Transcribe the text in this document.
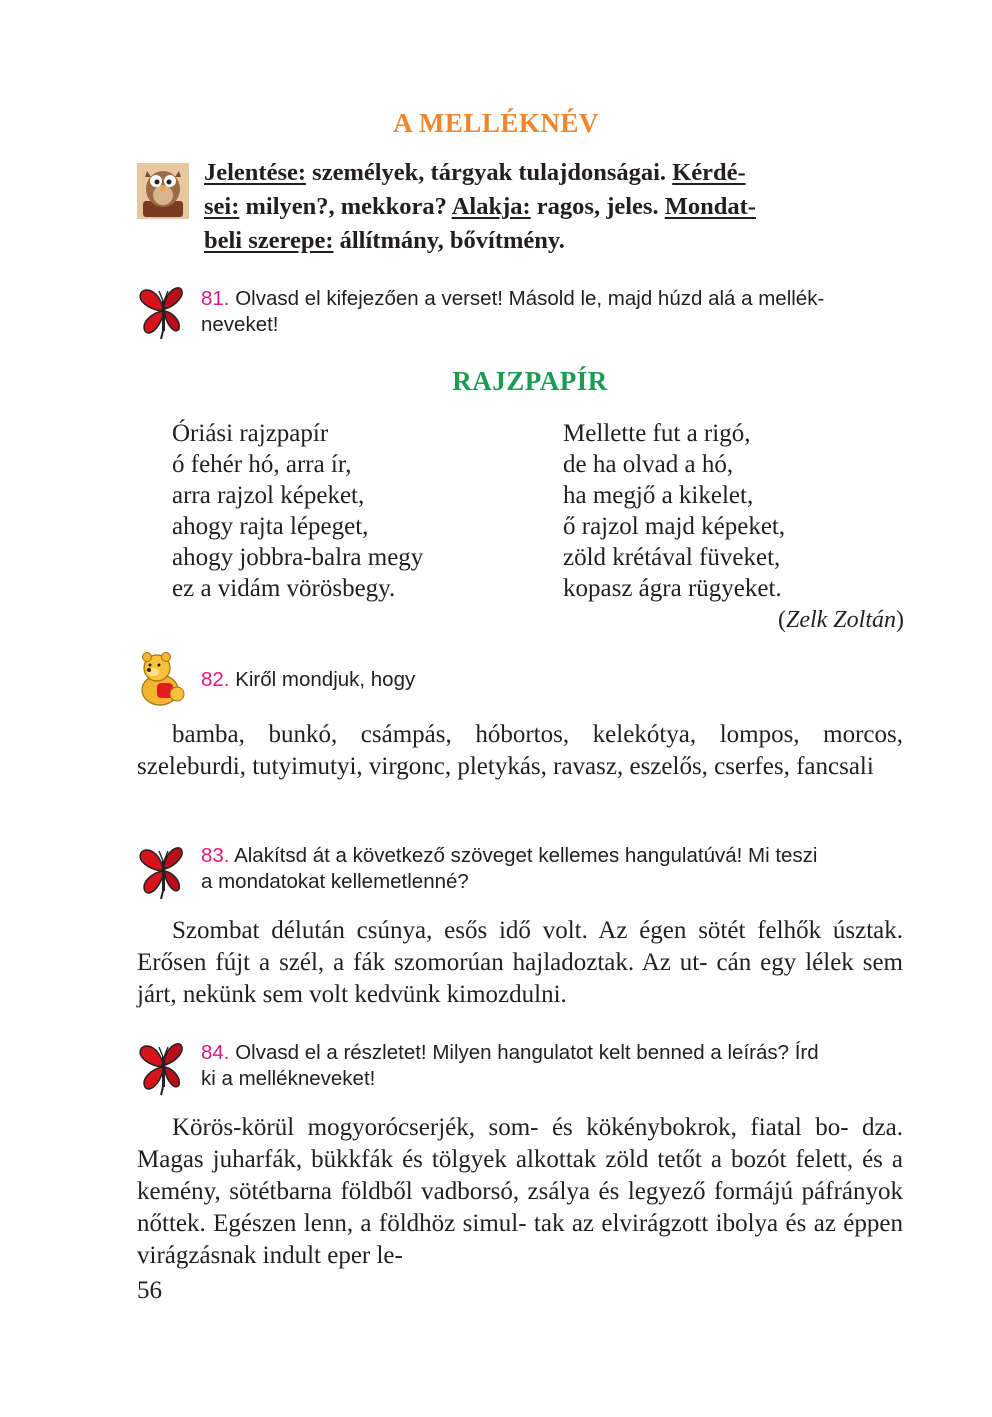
A MELLÉKNÉV
Jelentése: személyek, tárgyak tulajdonságai. Kérdé-
sei: milyen?, mekkora? Alakja: ragos, jeles. Mondat-
beli szerepe: állítmány, bővítmény.
81. Olvasd el kifejezően a verset! Másold le, majd húzd alá a mellék-
neveket!
RAJZPAPÍR
Óriási rajzpapír
ó fehér hó, arra ír,
arra rajzol képeket,
ahogy rajta lépeget,
ahogy jobbra-balra megy
ez a vidám vörösbegy.
Mellette fut a rigó,
de ha olvad a hó,
ha megjő a kikelet,
ő rajzol majd képeket,
zöld krétával füveket,
kopasz ágra rügyeket.
(Zelk Zoltán)
82. Kiről mondjuk, hogy
bamba, bunkó, csámpás, hóbortos, kelekótya, lompos, morcos, szeleburdi, tutyimutyi, virgonc, pletykás, ravasz, eszelős, cserfes, fancsali
83. Alakítsd át a következő szöveget kellemes hangulatúvá! Mi teszi
a mondatokat kellemetlenné?
Szombat délután csúnya, esős idő volt. Az égen sötét felhők úsztak. Erősen fújt a szél, a fák szomorúan hajladoztak. Az ut- cán egy lélek sem járt, nekünk sem volt kedvünk kimozdulni.
84. Olvasd el a részletet! Milyen hangulatot kelt benned a leírás? Írd
ki a mellékneveket!
Körös-körül mogyorócserjék, som- és kökénybokrok, fiatal bo- dza. Magas juharfák, bükkfák és tölgyek alkottak zöld tetőt a bozót felett, és a kemény, sötétbarna földből vadborsó, zsálya és legyező formájú páfrányok nőttek. Egészen lenn, a földhöz simul- tak az elvirágzott ibolya és az éppen virágzásnak indult eper le-
56
